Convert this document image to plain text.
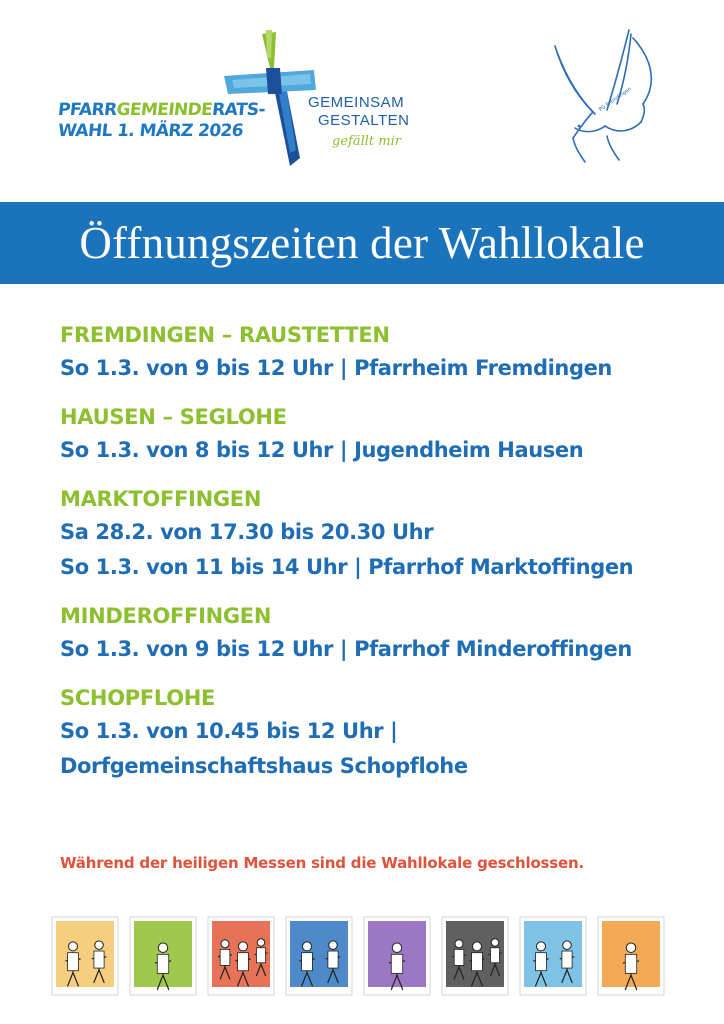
PFARRGEMEINDERATS-
WAHL 1. MÄRZ 2026
GEMEINSAM
GESTALTEN
gefällt mir
PG Fremdingen
Öffnungszeiten der Wahllokale
FREMDINGEN – RAUSTETTEN
So 1.3. von 9 bis 12 Uhr | Pfarrheim Fremdingen
HAUSEN – SEGLOHE
So 1.3. von 8 bis 12 Uhr | Jugendheim Hausen
MARKTOFFINGEN
Sa 28.2. von 17.30 bis 20.30 Uhr
So 1.3. von 11 bis 14 Uhr | Pfarrhof Marktoffingen
MINDEROFFINGEN
So 1.3. von 9 bis 12 Uhr | Pfarrhof Minderoffingen
SCHOPFLOHE
So 1.3. von 10.45 bis 12 Uhr |
Dorfgemeinschaftshaus Schopflohe
Während der heiligen Messen sind die Wahllokale geschlossen.
